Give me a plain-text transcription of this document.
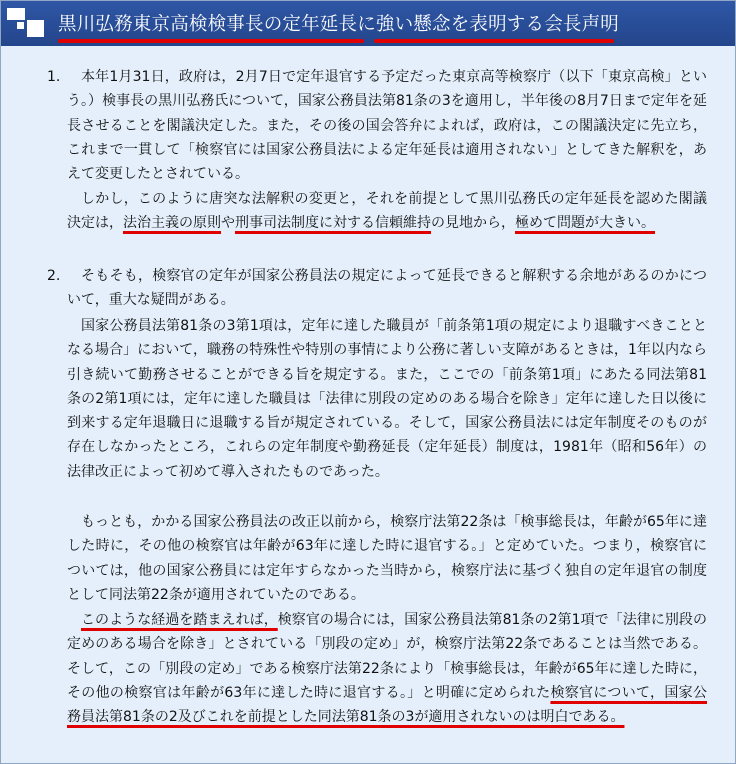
黒川弘務東京高検検事長の定年延長に強い懸念を表明する会長声明
1.	本年1月31日，政府は，2月7日で定年退官する予定だった東京高等検察庁（以下「東京高検」という。）検事長の黒川弘務氏について，国家公務員法第81条の3を適用し，半年後の8月7日まで定年を延長させることを閣議決定した。また，その後の国会答弁によれば，政府は，この閣議決定に先立ち，これまで一貫して「検察官には国家公務員法による定年延長は適用されない」としてきた解釈を，あえて変更したとされている。
しかし，このように唐突な法解釈の変更と，それを前提として黒川弘務氏の定年延長を認めた閣議決定は，法治主義の原則や刑事司法制度に対する信頼維持の見地から，極めて問題が大きい。
2.	そもそも，検察官の定年が国家公務員法の規定によって延長できると解釈する余地があるのかについて，重大な疑問がある。
国家公務員法第81条の3第1項は，定年に達した職員が「前条第1項の規定により退職すべきこととなる場合」において，職務の特殊性や特別の事情により公務に著しい支障があるときは，1年以内なら引き続いて勤務させることができる旨を規定する。また，ここでの「前条第1項」にあたる同法第81条の2第1項には，定年に達した職員は「法律に別段の定めのある場合を除き」定年に達した日以後に到来する定年退職日に退職する旨が規定されている。そして，国家公務員法には定年制度そのものが存在しなかったところ，これらの定年制度や勤務延長（定年延長）制度は，1981年（昭和56年）の法律改正によって初めて導入されたものであった。
もっとも，かかる国家公務員法の改正以前から，検察庁法第22条は「検事総長は，年齢が65年に達した時に，その他の検察官は年齢が63年に達した時に退官する。」と定めていた。つまり，検察官については，他の国家公務員には定年すらなかった当時から，検察庁法に基づく独自の定年退官の制度として同法第22条が適用されていたのである。
このような経過を踏まえれば，検察官の場合には，国家公務員法第81条の2第1項で「法律に別段の定めのある場合を除き」とされている「別段の定め」が，検察庁法第22条であることは当然である。そして，この「別段の定め」である検察庁法第22条により「検事総長は，年齢が65年に達した時に，その他の検察官は年齢が63年に達した時に退官する。」と明確に定められた検察官について，国家公務員法第81条の2及びこれを前提とした同法第81条の3が適用されないのは明白である。
